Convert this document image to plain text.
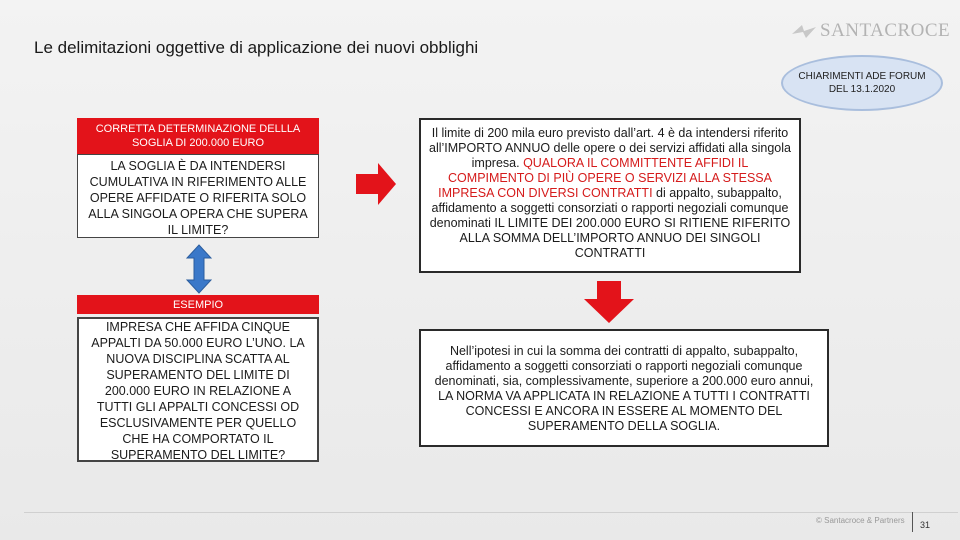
Le delimitazioni oggettive di applicazione dei nuovi obblighi
SANTACROCE
CHIARIMENTI ADE FORUM DEL 13.1.2020
CORRETTA DETERMINAZIONE DELLLA SOGLIA DI 200.000 EURO
LA SOGLIA È DA INTENDERSI CUMULATIVA IN RIFERIMENTO ALLE OPERE AFFIDATE O RIFERITA SOLO ALLA SINGOLA OPERA CHE SUPERA IL LIMITE?
ESEMPIO
IMPRESA CHE AFFIDA CINQUE APPALTI DA 50.000 EURO L’UNO. LA NUOVA DISCIPLINA SCATTA AL SUPERAMENTO DEL LIMITE DI 200.000 EURO IN RELAZIONE A TUTTI GLI APPALTI CONCESSI OD ESCLUSIVAMENTE PER QUELLO CHE HA COMPORTATO IL SUPERAMENTO DEL LIMITE?
Il limite di 200 mila euro previsto dall’art. 4 è da intendersi riferito all’IMPORTO ANNUO delle opere o dei servizi affidati alla singola impresa. QUALORA IL COMMITTENTE AFFIDI IL COMPIMENTO DI PIÙ OPERE O SERVIZI ALLA STESSA IMPRESA CON DIVERSI CONTRATTI di appalto, subappalto, affidamento a soggetti consorziati o rapporti negoziali comunque denominati IL LIMITE DEI 200.000 EURO SI RITIENE RIFERITO ALLA SOMMA DELL’IMPORTO ANNUO DEI SINGOLI CONTRATTI
Nell’ipotesi in cui la somma dei contratti di appalto, subappalto, affidamento a soggetti consorziati o rapporti negoziali comunque denominati, sia, complessivamente, superiore a 200.000 euro annui, LA NORMA VA APPLICATA IN RELAZIONE A TUTTI I CONTRATTI CONCESSI E ANCORA IN ESSERE AL MOMENTO DEL SUPERAMENTO DELLA SOGLIA.
© Santacroce & Partners 31
